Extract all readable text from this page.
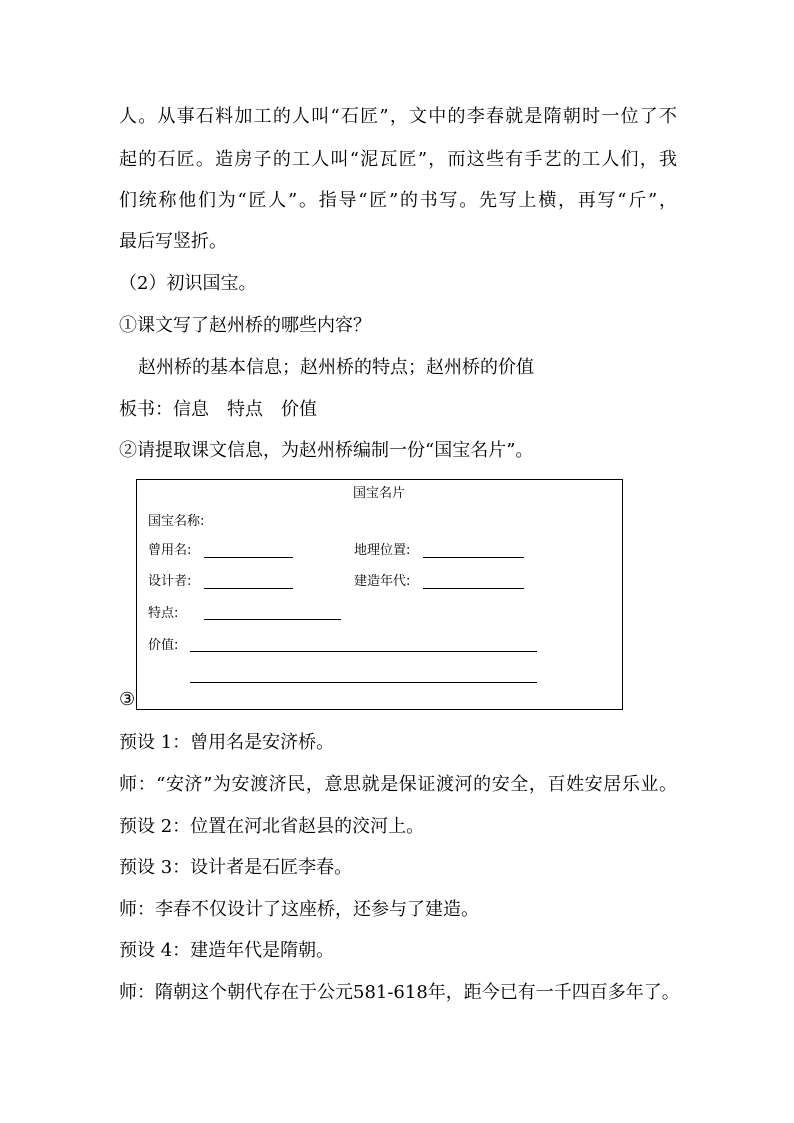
人。从事石料加工的人叫“石匠”，文中的李春就是隋朝时一位了不
起的石匠。造房子的工人叫“泥瓦匠”，而这些有手艺的工人们，我
们统称他们为“匠人”。指导“匠”的书写。先写上横，再写“斤”，
最后写竖折。
（2）初识国宝。
①课文写了赵州桥的哪些内容？
赵州桥的基本信息；赵州桥的特点；赵州桥的价值
板书：信息　特点　价值
②请提取课文信息，为赵州桥编制一份“国宝名片”。
③
国宝名片
国宝名称:
曾用名:	地理位置:
设计者:	建造年代:
特点:
价值:
预设 1：曾用名是安济桥。
师：“安济”为安渡济民，意思就是保证渡河的安全，百姓安居乐业。
预设 2：位置在河北省赵县的洨河上。
预设 3：设计者是石匠李春。
师：李春不仅设计了这座桥，还参与了建造。
预设 4：建造年代是隋朝。
师：隋朝这个朝代存在于公元581-618年，距今已有一千四百多年了。
